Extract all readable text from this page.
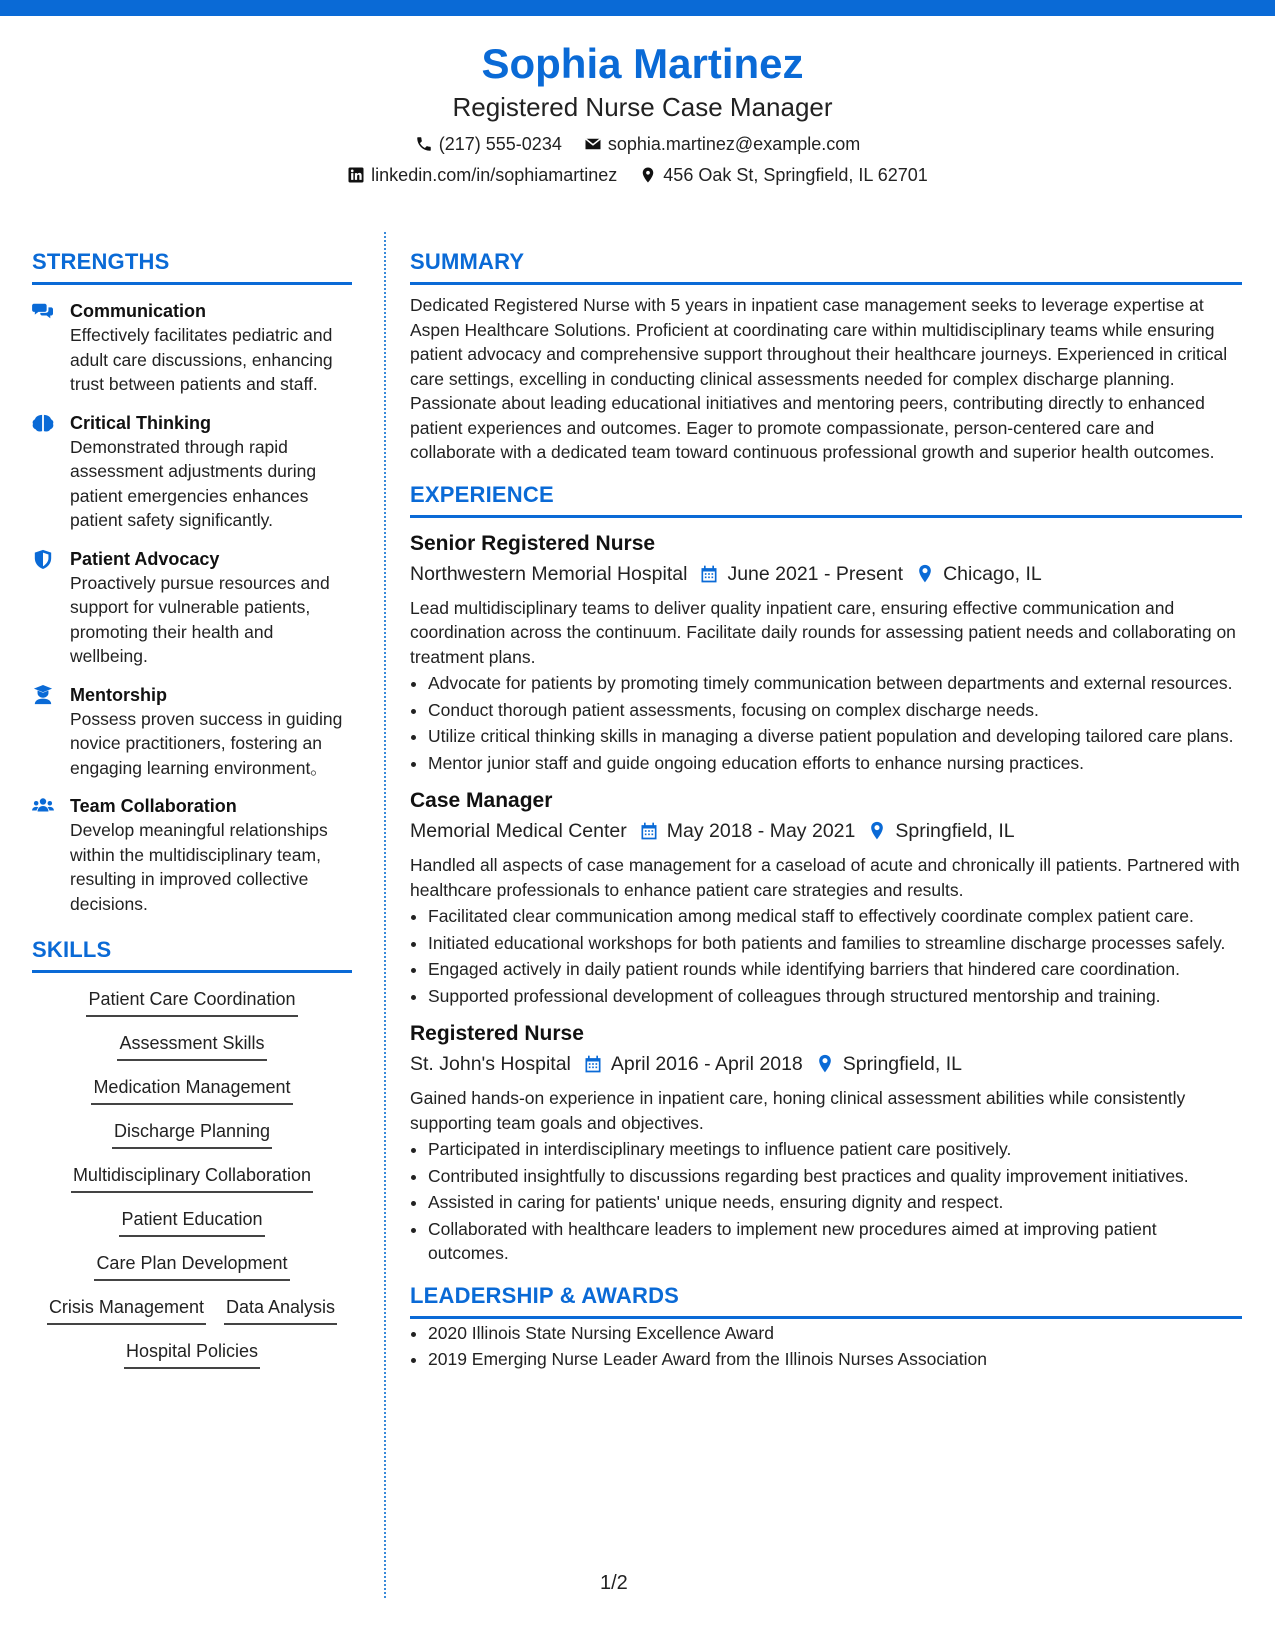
Sophia Martinez
Registered Nurse Case Manager
(217) 555-0234	sophia.martinez@example.com
linkedin.com/in/sophiamartinez	456 Oak St, Springfield, IL 62701
STRENGTHS
Communication
Effectively facilitates pediatric and adult care discussions, enhancing trust between patients and staff.
Critical Thinking
Demonstrated through rapid assessment adjustments during patient emergencies enhances patient safety significantly.
Patient Advocacy
Proactively pursue resources and support for vulnerable patients, promoting their health and wellbeing.
Mentorship
Possess proven success in guiding novice practitioners, fostering an engaging learning environment。
Team Collaboration
Develop meaningful relationships within the multidisciplinary team, resulting in improved collective decisions.
SKILLS
Patient Care Coordination
Assessment Skills
Medication Management
Discharge Planning
Multidisciplinary Collaboration
Patient Education
Care Plan Development
Crisis Management Data Analysis
Hospital Policies
SUMMARY
Dedicated Registered Nurse with 5 years in inpatient case management seeks to leverage expertise at Aspen Healthcare Solutions. Proficient at coordinating care within multidisciplinary teams while ensuring patient advocacy and comprehensive support throughout their healthcare journeys. Experienced in critical care settings, excelling in conducting clinical assessments needed for complex discharge planning. Passionate about leading educational initiatives and mentoring peers, contributing directly to enhanced patient experiences and outcomes. Eager to promote compassionate, person-centered care and collaborate with a dedicated team toward continuous professional growth and superior health outcomes.
EXPERIENCE
Senior Registered Nurse
Northwestern Memorial Hospital June 2021 - Present Chicago, IL
Lead multidisciplinary teams to deliver quality inpatient care, ensuring effective communication and coordination across the continuum. Facilitate daily rounds for assessing patient needs and collaborating on treatment plans.
• Advocate for patients by promoting timely communication between departments and external resources.
• Conduct thorough patient assessments, focusing on complex discharge needs.
• Utilize critical thinking skills in managing a diverse patient population and developing tailored care plans.
• Mentor junior staff and guide ongoing education efforts to enhance nursing practices.
Case Manager
Memorial Medical Center May 2018 - May 2021 Springfield, IL
Handled all aspects of case management for a caseload of acute and chronically ill patients. Partnered with healthcare professionals to enhance patient care strategies and results.
• Facilitated clear communication among medical staff to effectively coordinate complex patient care.
• Initiated educational workshops for both patients and families to streamline discharge processes safely.
• Engaged actively in daily patient rounds while identifying barriers that hindered care coordination.
• Supported professional development of colleagues through structured mentorship and training.
Registered Nurse
St. John's Hospital April 2016 - April 2018 Springfield, IL
Gained hands-on experience in inpatient care, honing clinical assessment abilities while consistently supporting team goals and objectives.
• Participated in interdisciplinary meetings to influence patient care positively.
• Contributed insightfully to discussions regarding best practices and quality improvement initiatives.
• Assisted in caring for patients' unique needs, ensuring dignity and respect.
• Collaborated with healthcare leaders to implement new procedures aimed at improving patient outcomes.
LEADERSHIP & AWARDS
• 2020 Illinois State Nursing Excellence Award
• 2019 Emerging Nurse Leader Award from the Illinois Nurses Association
1/2
